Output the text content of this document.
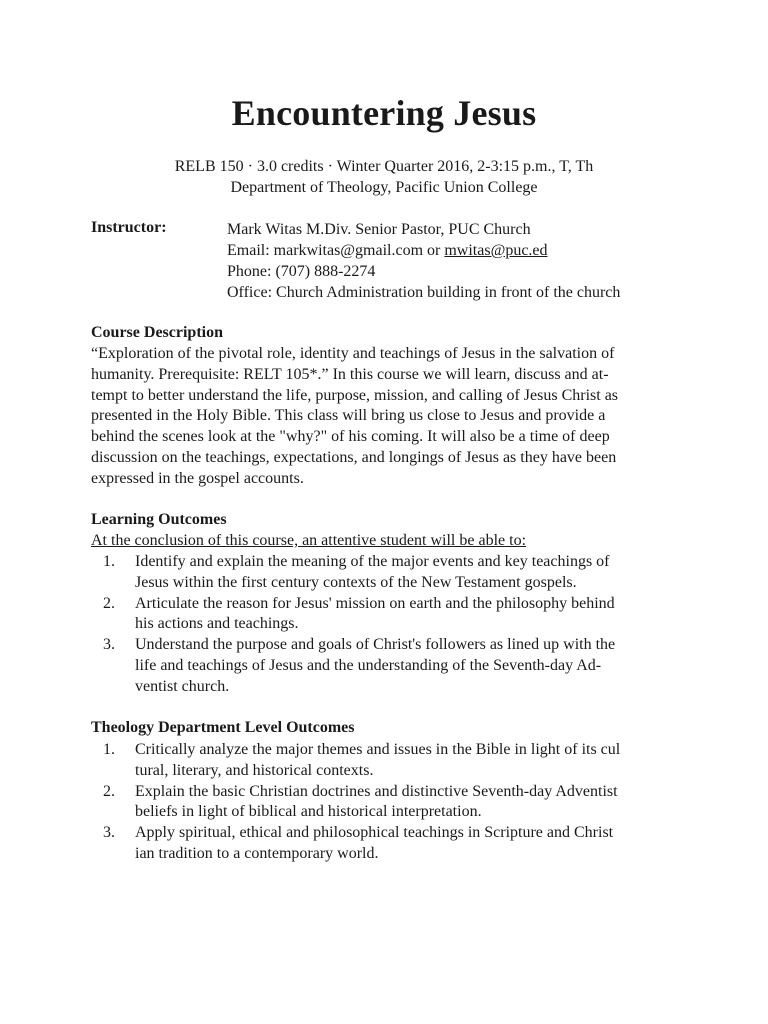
Encountering Jesus
RELB 150 · 3.0 credits · Winter Quarter 2016, 2-3:15 p.m., T, Th
Department of Theology, Pacific Union College
Instructor:	Mark Witas M.Div. Senior Pastor, PUC Church
Email: markwitas@gmail.com or mwitas@puc.ed
Phone: (707) 888-2274
Office: Church Administration building in front of the church
Course Description

“Exploration of the pivotal role, identity and teachings of Jesus in the salvation of
humanity. Prerequisite: RELT 105*.” In this course we will learn, discuss and at-
tempt to better understand the life, purpose, mission, and calling of Jesus Christ as
presented in the Holy Bible. This class will bring us close to Jesus and provide a
behind the scenes look at the "why?" of his coming. It will also be a time of deep
discussion on the teachings, expectations, and longings of Jesus as they have been
expressed in the gospel accounts.

Learning Outcomes

At the conclusion of this course, an attentive student will be able to:

1. Identify and explain the meaning of the major events and key teachings of
Jesus within the first century contexts of the New Testament gospels.
2. Articulate the reason for Jesus' mission on earth and the philosophy behind
his actions and teachings.
3. Understand the purpose and goals of Christ's followers as lined up with the
life and teachings of Jesus and the understanding of the Seventh-day Ad-
ventist church.
Theology Department Level Outcomes
1. Critically analyze the major themes and issues in the Bible in light of its cul
tural, literary, and historical contexts.
2. Explain the basic Christian doctrines and distinctive Seventh-day Adventist
beliefs in light of biblical and historical interpretation.
3. Apply spiritual, ethical and philosophical teachings in Scripture and Christ
ian tradition to a contemporary world.
